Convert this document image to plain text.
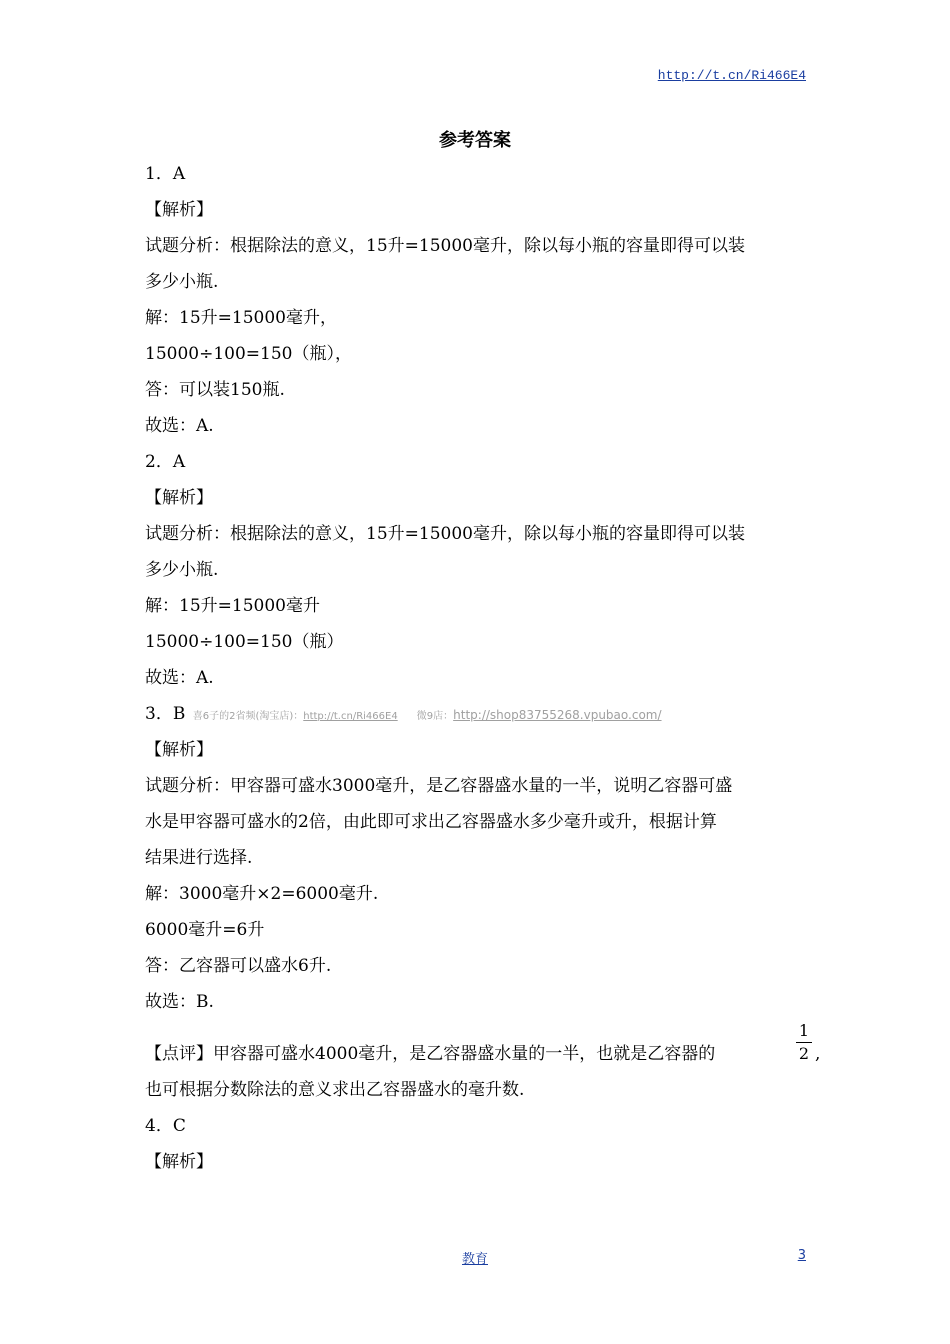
http://t.cn/Ri466E4
参考答案
1．A
【解析】
试题分析：根据除法的意义，15升=15000毫升，除以每小瓶的容量即得可以装
多少小瓶.
解：15升=15000毫升，
15000÷100=150（瓶），
答：可以装150瓶.
故选：A.
2．A
【解析】
试题分析：根据除法的意义，15升=15000毫升，除以每小瓶的容量即得可以装
多少小瓶.
解：15升=15000毫升
15000÷100=150（瓶）
故选：A.
3．B 喜6子的2省频(淘宝店)：http://t.cn/Ri466E4 微9店：http://shop83755268.vpubao.com/
【解析】
试题分析：甲容器可盛水3000毫升，是乙容器盛水量的一半，说明乙容器可盛
水是甲容器可盛水的2倍，由此即可求出乙容器盛水多少毫升或升，根据计算
结果进行选择.
解：3000毫升×2=6000毫升.
6000毫升=6升
答：乙容器可以盛水6升.
故选：B.
【点评】甲容器可盛水4000毫升，是乙容器盛水量的一半，也就是乙容器的
1
2 ,
也可根据分数除法的意义求出乙容器盛水的毫升数.
4．C
【解析】
教育	3
